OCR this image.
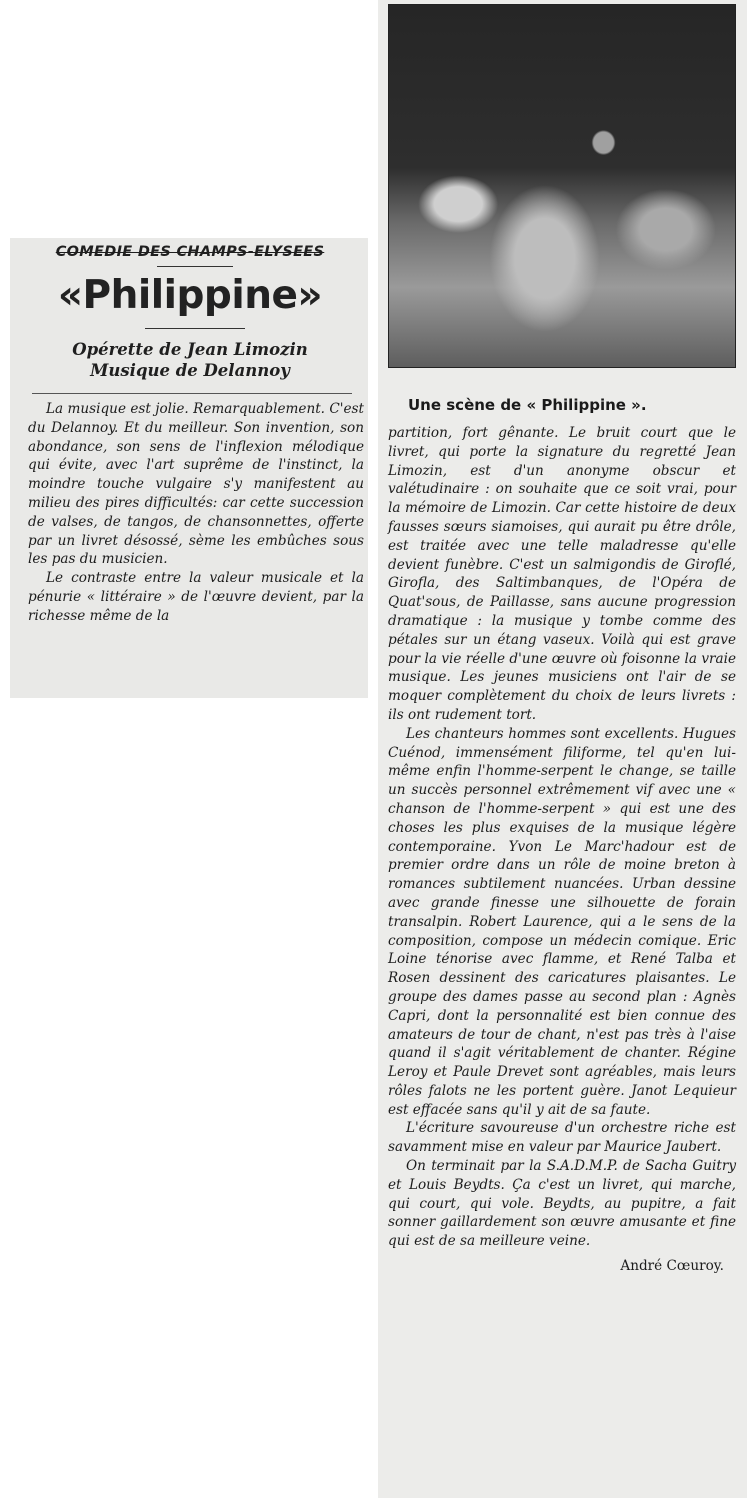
COMEDIE DES CHAMPS-ELYSEES
«Philippine»
Opérette de Jean Limozin
Musique de Delannoy

La musique est jolie. Remarquablement. C'est du Delannoy. Et du meilleur. Son invention, son abondance, son sens de l'inflexion mélodique qui évite, avec l'art suprême de l'instinct, la moindre touche vulgaire s'y manifestent au milieu des pires difficultés: car cette succession de valses, de tangos, de chansonnettes, offerte par un livret désossé, sème les embûches sous les pas du musicien.

Le contraste entre la valeur musicale et la pénurie « littéraire » de l'œuvre devient, par la richesse même de la

Une scène de « Philippine ».

partition, fort gênante. Le bruit court que le livret, qui porte la signature du regretté Jean Limozin, est d'un anonyme obscur et valétudinaire : on souhaite que ce soit vrai, pour la mémoire de Limozin. Car cette histoire de deux fausses sœurs siamoises, qui aurait pu être drôle, est traitée avec une telle maladresse qu'elle devient funèbre. C'est un salmigondis de Giroflé, Girofla, des Saltimbanques, de l'Opéra de Quat'sous, de Paillasse, sans aucune progression dramatique : la musique y tombe comme des pétales sur un étang vaseux. Voilà qui est grave pour la vie réelle d'une œuvre où foisonne la vraie musique. Les jeunes musiciens ont l'air de se moquer complètement du choix de leurs livrets : ils ont rudement tort.

Les chanteurs hommes sont excellents. Hugues Cuénod, immensément filiforme, tel qu'en lui-même enfin l'homme-serpent le change, se taille un succès personnel extrêmement vif avec une « chanson de l'homme-serpent » qui est une des choses les plus exquises de la musique légère contemporaine. Yvon Le Marc'hadour est de premier ordre dans un rôle de moine breton à romances subtilement nuancées. Urban dessine avec grande finesse une silhouette de forain transalpin. Robert Laurence, qui a le sens de la composition, compose un médecin comique. Eric Loine ténorise avec flamme, et René Talba et Rosen dessinent des caricatures plaisantes. Le groupe des dames passe au second plan : Agnès Capri, dont la personnalité est bien connue des amateurs de tour de chant, n'est pas très à l'aise quand il s'agit véritablement de chanter. Régine Leroy et Paule Drevet sont agréables, mais leurs rôles falots ne les portent guère. Janot Lequieur est effacée sans qu'il y ait de sa faute.

L'écriture savoureuse d'un orchestre riche est savamment mise en valeur par Maurice Jaubert.

On terminait par la S.A.D.M.P. de Sacha Guitry et Louis Beydts. Ça c'est un livret, qui marche, qui court, qui vole. Beydts, au pupitre, a fait sonner gaillardement son œuvre amusante et fine qui est de sa meilleure veine.

André Cœuroy.
